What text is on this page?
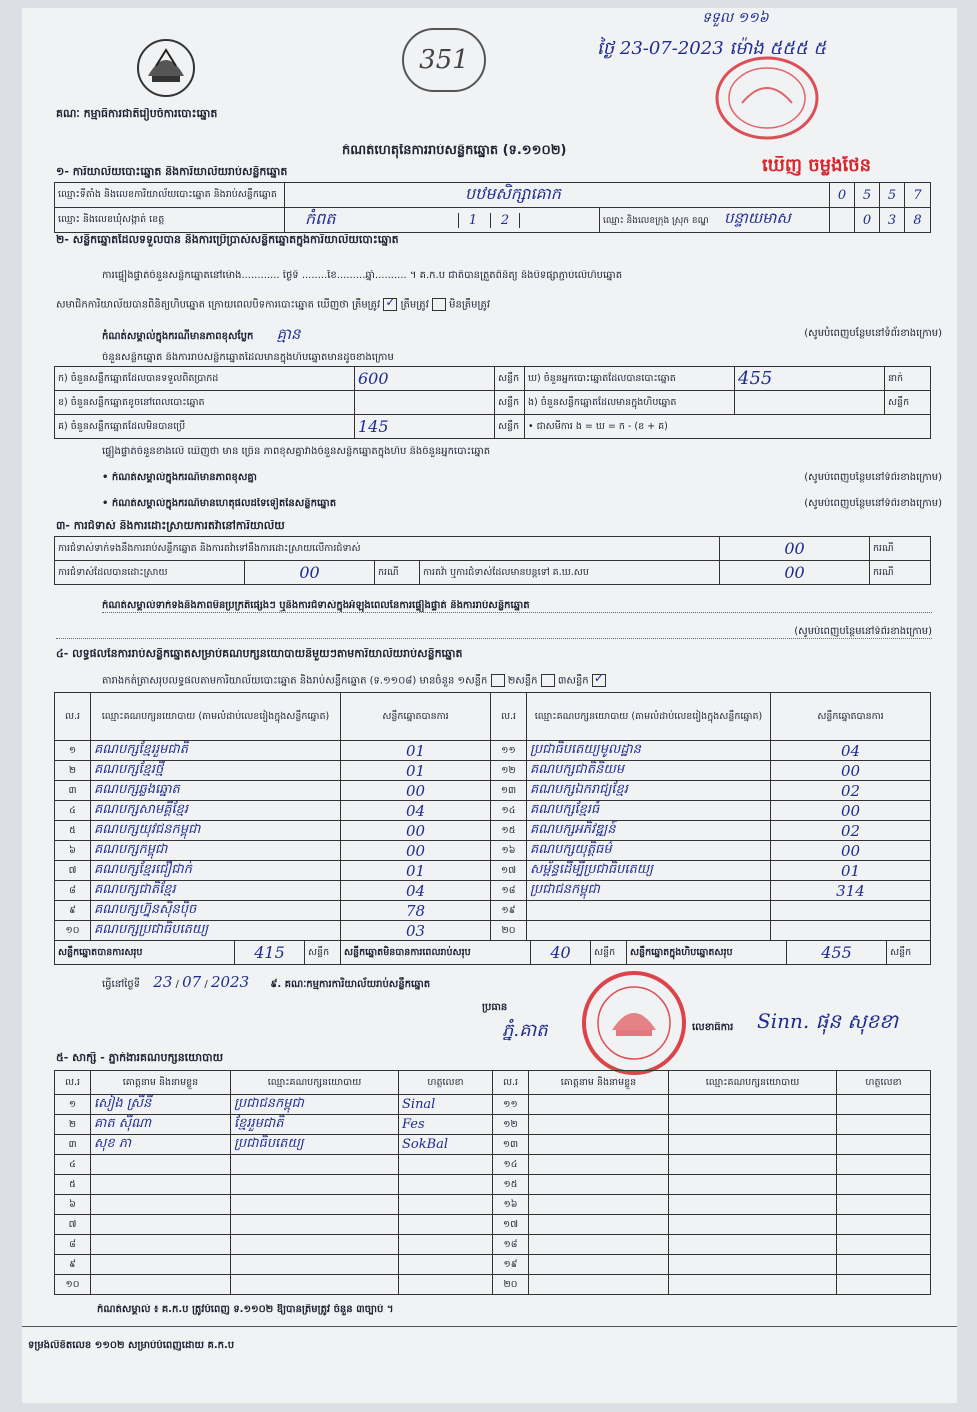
គណៈ កម្មាធិការជាតិរៀបចំការបោះឆ្នោត
351
ទទួល ១១៦
ថ្ងៃ 23-07-2023 ម៉ោង ៥៥៥ ៥
ឃើញ ចម្លងថែន
កំណត់ហេតុនៃការរាប់សន្លឹកឆ្នោត (ទ.១១០២)
១- ការិយាល័យបោះឆ្នោត និងការិយាល័យរាប់សន្លឹកឆ្នោត
ឈ្មោះទីតាំង និងលេខការិយាល័យបោះឆ្នោត និងរាប់សន្លឹកឆ្នោត	បឋមសិក្សាគោក		0	5	5	7
ឈ្មោះ និងលេខឃុំសង្កាត់ ខេត្ត	កំពត 1 2	ឈ្មោះ និងលេខក្រុង ស្រុក ខណ្ឌ បន្ទាយមាស		0	3	8
២- សន្លឹកឆ្នោតដែលទទួលបាន និងការប្រើប្រាស់សន្លឹកឆ្នោតក្នុងការិយាល័យបោះឆ្នោត
ការផ្ទៀងផ្ទាត់ចំនួនសន្លឹកឆ្នោតនៅម៉ោង............ ថ្ងៃទី ........ខែ.........ឆ្នាំ.......... ។ គ.ក.ប ជាតិបានត្រួតពិនិត្យ និងបិទផ្សាភ្ជាប់លើហិបឆ្នោត
សមាជិកការិយាល័យបានពិនិត្យហិបឆ្នោត ក្រោយពេលបិទការបោះឆ្នោត ឃើញថា ត្រឹមត្រូវ ✓ ត្រឹមត្រូវ មិនត្រឹមត្រូវ
កំណត់សម្គាល់ក្នុងករណីមានភាពខុសប្លែក គ្មាន	(សូមបំពេញបន្ថែមនៅទំព័រខាងក្រោម)
ចំនួនសន្លឹកឆ្នោត និងការរាប់សន្លឹកឆ្នោតដែលមានក្នុងហិបឆ្នោតមានដូចខាងក្រោម
ក) ចំនួនសន្លឹកឆ្នោតដែលបានទទួលពិតប្រាកដ	600	សន្លឹក	ឃ) ចំនួនអ្នកបោះឆ្នោតដែលបានបោះឆ្នោត	455	នាក់
ខ) ចំនួនសន្លឹកឆ្នោតខូចនៅពេលបោះឆ្នោត		សន្លឹក	ង) ចំនួនសន្លឹកឆ្នោតដែលមានក្នុងហិបឆ្នោត		សន្លឹក
គ) ចំនួនសន្លឹកឆ្នោតដែលមិនបានប្រើ	145	សន្លឹក	• ជាសមីការ ង = ឃ = ក - (ខ + គ)		
ផ្ទៀងផ្ទាត់ចំនួនខាងលើ ឃើញថា មាន ច្រើន ភាពខុសគ្នាវាងចំនួនសន្លឹកឆ្នោតក្នុងហិប និងចំនួនអ្នកបោះឆ្នោត
• កំណត់សម្គាល់ក្នុងករណីមានភាពខុសគ្នា	(សូមបំពេញបន្ថែមនៅទំព័រខាងក្រោម)
• កំណត់សម្គាល់ក្នុងករណីមានហេតុផលដទៃទៀតនៃសន្លឹកឆ្នោត	(សូមបំពេញបន្ថែមនៅទំព័រខាងក្រោម)
៣- ការជំទាស់ និងការដោះស្រាយការតវ៉ានៅការិយាល័យ
ការជំទាស់ទាក់ទងនឹងការរាប់សន្លឹកឆ្នោត និងការតវ៉ាទៅនឹងការដោះស្រាយលើការជំទាស់				00	ករណី
ការជំទាស់ដែលបានដោះស្រាយ	00	ករណី	ការតវ៉ា ឬការជំទាស់ដែលមានបន្តទៅ គ.ឃ.សប	00	ករណី
កំណត់សម្គាល់ទាក់ទងនឹងភាពមិនប្រក្រតីផ្សេងៗ ឬនឹងការជំទាស់ក្នុងអំឡុងពេលនៃការផ្ទៀងផ្ទាត់ និងការរាប់សន្លឹកឆ្នោត
(សូមបំពេញបន្ថែមនៅទំព័រខាងក្រោម)
៤- លទ្ធផលនៃការរាប់សន្លឹកឆ្នោតសម្រាប់គណបក្សនយោបាយនីមួយៗតាមការិយាល័យរាប់សន្លឹកឆ្នោត
តារាងកត់ត្រាសរុបលទ្ធផលតាមការិយាល័យបោះឆ្នោត និងរាប់សន្លឹកឆ្នោត (ទ.១១០៨) មានចំនួន ១សន្លឹក ២សន្លឹក ៣សន្លឹក ✓
ល.រ	ឈ្មោះគណបក្សនយោបាយ (តាមលំដាប់លេខរៀងក្នុងសន្លឹកឆ្នោត)	សន្លឹកឆ្នោតបានការ	ល.រ	ឈ្មោះគណបក្សនយោបាយ (តាមលំដាប់លេខរៀងក្នុងសន្លឹកឆ្នោត)	សន្លឹកឆ្នោតបានការ
១	គណបក្សខ្មែររួមជាតិ	01	១១	ប្រជាធិបតេយ្យមូលដ្ឋាន	04
២	គណបក្សខ្មែរថ្មី	01	១២	គណបក្សជាតិនិយម	00
៣	គណបក្សឆ្លងឆ្នោត	00	១៣	គណបក្សឯករាជ្យខ្មែរ	02
៤	គណបក្សសាមគ្គីខ្មែរ	04	១៤	គណបក្សខ្មែរធំ	00
៥	គណបក្សយុវជនកម្ពុជា	00	១៥	គណបក្សអភិវឌ្ឍន៍	02
៦	គណបក្សកម្ពុជា	00	១៦	គណបក្សយុត្តិធម៌	00
៧	គណបក្សខ្មែរជឿជាក់	01	១៧	សម្ព័ន្ធដើម្បីប្រជាធិបតេយ្យ	01
៨	គណបក្សជាតិខ្មែរ	04	១៨	ប្រជាជនកម្ពុជា	314
៩	គណបក្សហ្វ៊ុនស៊ិនប៉ិច	78	១៩		
១០	គណបក្សប្រជាធិបតេយ្យ	03	២០		
សន្លឹកឆ្នោតបានការសរុប	415	សន្លឹក	សន្លឹកឆ្នោតមិនបានការពេលរាប់សរុប	40	សន្លឹក	សន្លឹកឆ្នោតក្នុងហិបឆ្នោតសរុប	455	សន្លឹក
ធ្វើនៅថ្ងៃទី 23 / 07 / 2023 ៩. គណៈកម្មការការិយាល័យរាប់សន្លឹកឆ្នោត
ប្រធាន
ភ្នំ.គាត	លេខាធិការ Sinn. ផុន សុខខា
៥- សាក្សី - ភ្នាក់ងារគណបក្សនយោបាយ
ល.រ	គោត្តនាម និងនាមខ្លួន	ឈ្មោះគណបក្សនយោបាយ	ហត្ថលេខា	ល.រ	គោត្តនាម និងនាមខ្លួន	ឈ្មោះគណបក្សនយោបាយ	ហត្ថលេខា
១	សៀង ស្រីនី	ប្រជាជនកម្ពុជា	Sinal	១១			
២	គាត ស៊ីណា	ខ្មែររួមជាតិ	Fes	១២			
៣	សុខ ភា	ប្រជាធិបតេយ្យ	SokBal	១៣			
៤				១៤			
៥				១៥			
៦				១៦			
៧				១៧			
៨				១៨			
៩				១៩			
១០				២០			
កំណត់សម្គាល់ ៖ គ.ក.ប ត្រូវបំពេញ ទ.១១០២ ឱ្យបានត្រឹមត្រូវ ចំនួន ៣ច្បាប់ ។
ទម្រង់លិខិតលេខ ១១០២ សម្រាប់បំពេញដោយ គ.ក.ប
